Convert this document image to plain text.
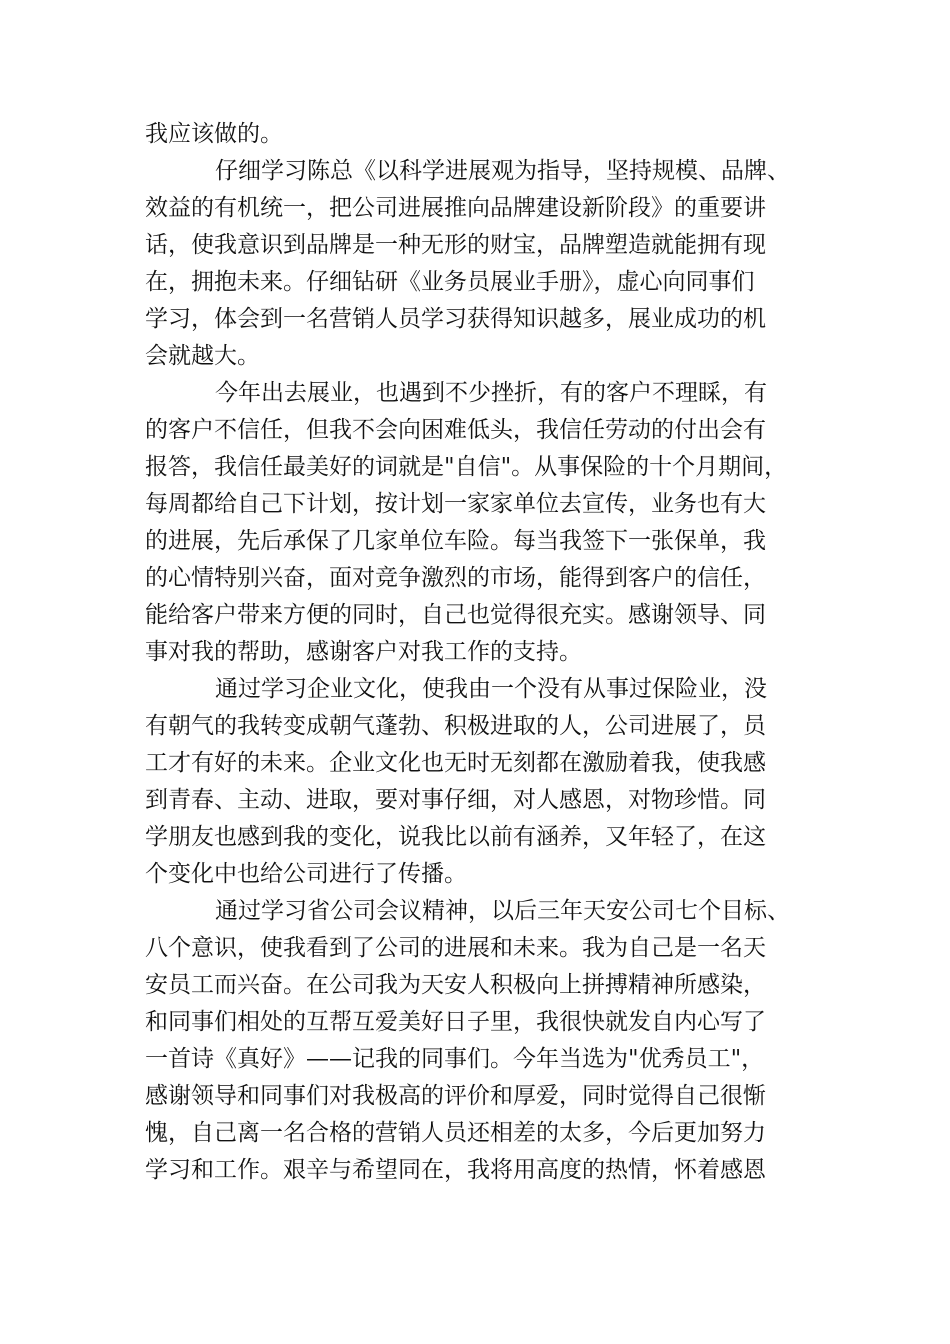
我应该做的。
仔细学习陈总《以科学进展观为指导，坚持规模、品牌、
效益的有机统一，把公司进展推向品牌建设新阶段》的重要讲
话，使我意识到品牌是一种无形的财宝，品牌塑造就能拥有现
在，拥抱未来。仔细钻研《业务员展业手册》，虚心向同事们
学习，体会到一名营销人员学习获得知识越多，展业成功的机
会就越大。
今年出去展业，也遇到不少挫折，有的客户不理睬，有
的客户不信任，但我不会向困难低头，我信任劳动的付出会有
报答，我信任最美好的词就是"自信"。从事保险的十个月期间，
每周都给自己下计划，按计划一家家单位去宣传，业务也有大
的进展，先后承保了几家单位车险。每当我签下一张保单，我
的心情特别兴奋，面对竞争激烈的市场，能得到客户的信任，
能给客户带来方便的同时，自己也觉得很充实。感谢领导、同
事对我的帮助，感谢客户对我工作的支持。
通过学习企业文化，使我由一个没有从事过保险业，没
有朝气的我转变成朝气蓬勃、积极进取的人，公司进展了，员
工才有好的未来。企业文化也无时无刻都在激励着我，使我感
到青春、主动、进取，要对事仔细，对人感恩，对物珍惜。同
学朋友也感到我的变化，说我比以前有涵养，又年轻了，在这
个变化中也给公司进行了传播。
通过学习省公司会议精神，以后三年天安公司七个目标、
八个意识，使我看到了公司的进展和未来。我为自己是一名天
安员工而兴奋。在公司我为天安人积极向上拼搏精神所感染，
和同事们相处的互帮互爱美好日子里，我很快就发自内心写了
一首诗《真好》——记我的同事们。今年当选为"优秀员工"，
感谢领导和同事们对我极高的评价和厚爱，同时觉得自己很惭
愧，自己离一名合格的营销人员还相差的太多，今后更加努力
学习和工作。艰辛与希望同在，我将用高度的热情，怀着感恩
